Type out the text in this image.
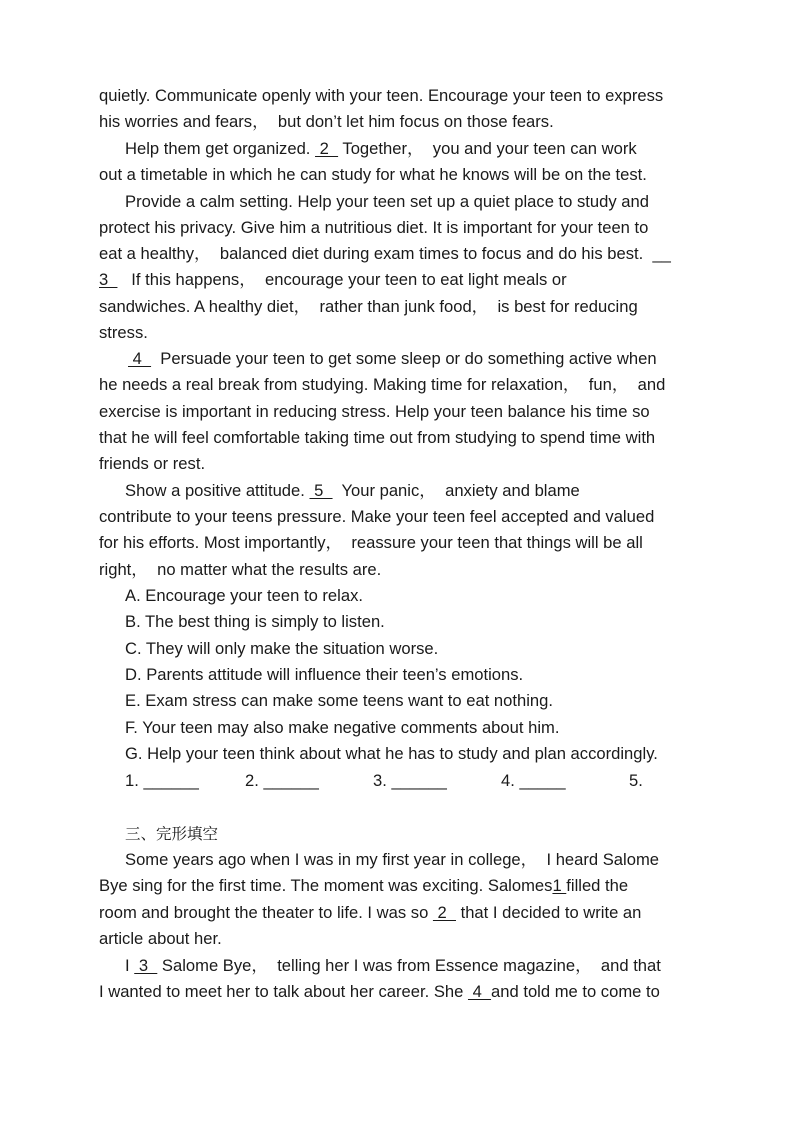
quietly. Communicate openly with your teen. Encourage your teen to express
his worries and fears，  but don’t let him focus on those fears.
Help them get organized.  2   Together，  you and your teen can work
out a timetable in which he can study for what he knows will be on the test.
Provide a calm setting. Help your teen set up a quiet place to study and
protect his privacy. Give him a nutritious diet. It is important for your teen to
eat a healthy，  balanced diet during exam times to focus and do his best.  __
3     If this happens，  encourage your teen to eat light meals or
sandwiches. A healthy diet，  rather than junk food，  is best for reducing
stress.
4    Persuade your teen to get some sleep or do something active when
he needs a real break from studying. Making time for relaxation，  fun，  and
exercise is important in reducing stress. Help your teen balance his time so
that he will feel comfortable taking time out from studying to spend time with
friends or rest.
Show a positive attitude.  5    Your panic，  anxiety and blame
contribute to your teens pressure. Make your teen feel accepted and valued
for his efforts. Most importantly，  reassure your teen that things will be all
right，  no matter what the results are.
A. Encourage your teen to relax.
B. The best thing is simply to listen.
C. They will only make the situation worse.
D. Parents attitude will influence their teen’s emotions.
E. Exam stress can make some teens want to eat nothing.
F. Your teen may also make negative comments about him.
G. Help your teen think about what he has to study and plan accordingly.
1. ______	2. ______	3. ______	4. _____	5.
三、完形填空
Some years ago when I was in my first year in college，  I heard Salome
Bye sing for the first time. The moment was exciting. Salomes1 filled the
room and brought the theater to life. I was so  2   that I decided to write an
article about her.
I  3   Salome Bye，  telling her I was from Essence magazine，  and that
I wanted to meet her to talk about her career. She  4  and told me to come to
